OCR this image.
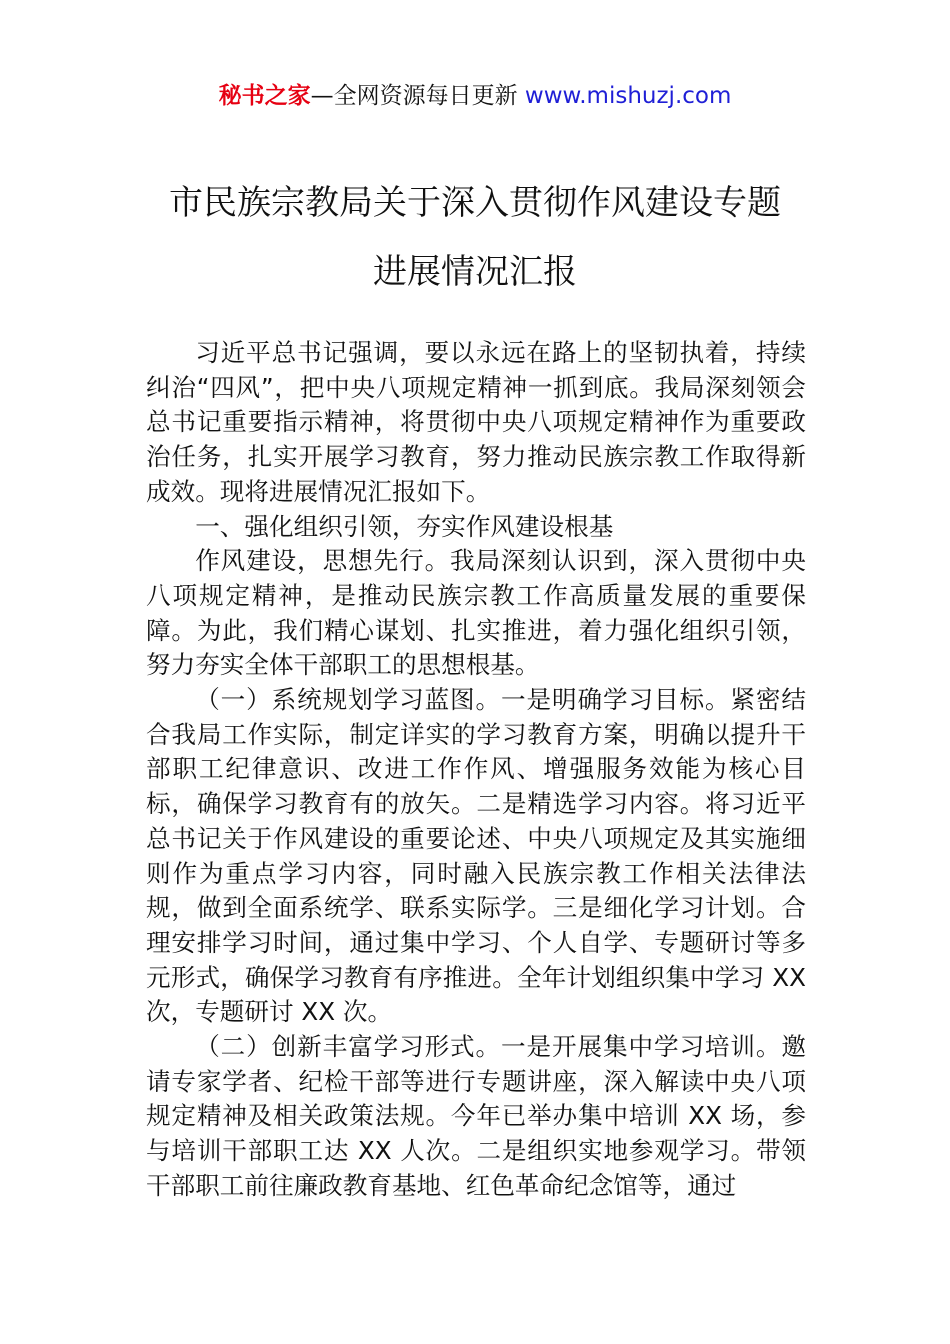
秘书之家—全网资源每日更新 www.mishuzj.com
市民族宗教局关于深入贯彻作风建设专题
进展情况汇报

习近平总书记强调，要以永远在路上的坚韧执着，持续纠治“四风”，把中央八项规定精神一抓到底。我局深刻领会总书记重要指示精神，将贯彻中央八项规定精神作为重要政治任务，扎实开展学习教育，努力推动民族宗教工作取得新成效。现将进展情况汇报如下。

一、强化组织引领，夯实作风建设根基

作风建设，思想先行。我局深刻认识到，深入贯彻中央八项规定精神，是推动民族宗教工作高质量发展的重要保障。为此，我们精心谋划、扎实推进，着力强化组织引领，努力夯实全体干部职工的思想根基。

（一）系统规划学习蓝图。一是明确学习目标。紧密结合我局工作实际，制定详实的学习教育方案，明确以提升干部职工纪律意识、改进工作作风、增强服务效能为核心目标，确保学习教育有的放矢。二是精选学习内容。将习近平总书记关于作风建设的重要论述、中央八项规定及其实施细则作为重点学习内容，同时融入民族宗教工作相关法律法规，做到全面系统学、联系实际学。三是细化学习计划。合理安排学习时间，通过集中学习、个人自学、专题研讨等多元形式，确保学习教育有序推进。全年计划组织集中学习 XX 次，专题研讨 XX 次。

（二）创新丰富学习形式。一是开展集中学习培训。邀请专家学者、纪检干部等进行专题讲座，深入解读中央八项规定精神及相关政策法规。今年已举办集中培训 XX 场，参与培训干部职工达 XX 人次。二是组织实地参观学习。带领干部职工前往廉政教育基地、红色革命纪念馆等，通过
